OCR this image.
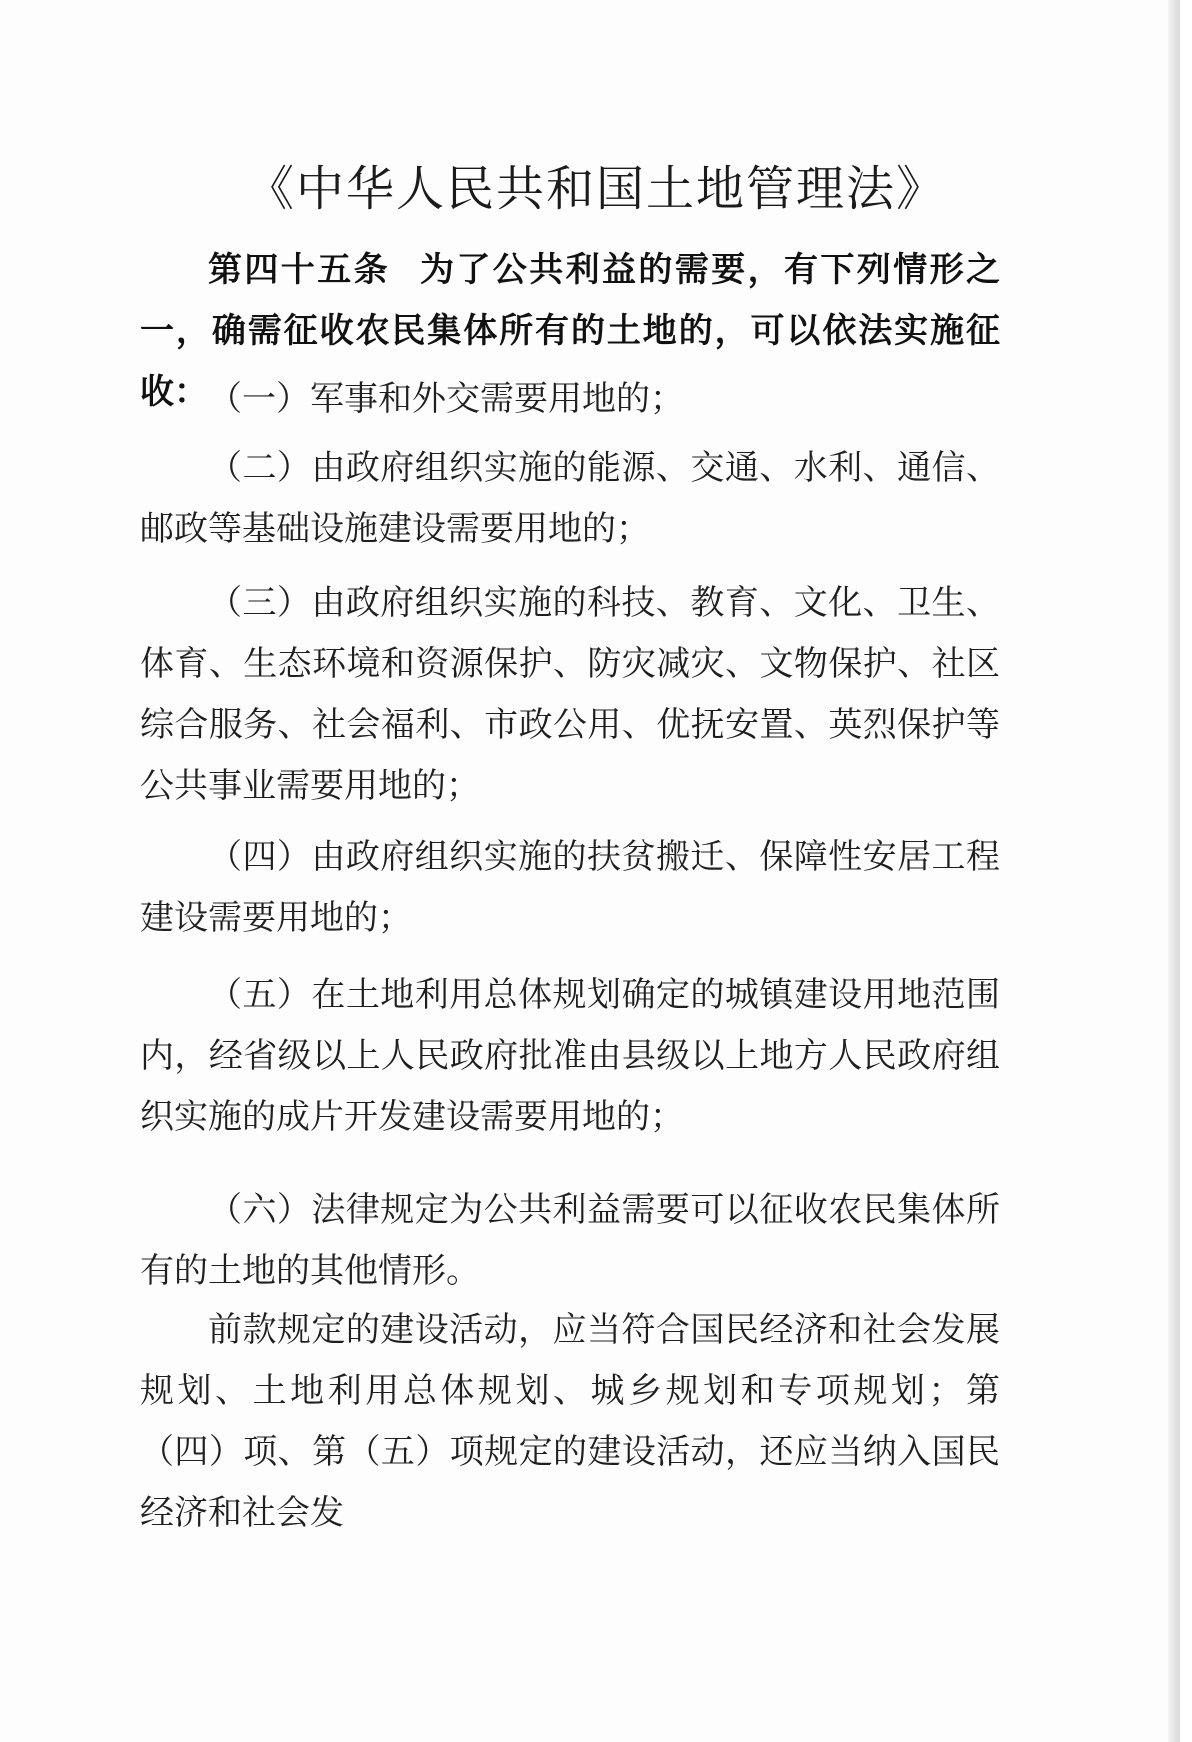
《中华人民共和国土地管理法》
第四十五条 为了公共利益的需要，有下列情形之一，确需征收农民集体所有的土地的，可以依法实施征收： （一）军事和外交需要用地的；
（二）由政府组织实施的能源、交通、水利、通信、邮政等基础设施建设需要用地的；
（三）由政府组织实施的科技、教育、文化、卫生、体育、生态环境和资源保护、防灾减灾、文物保护、社区综合服务、社会福利、市政公用、优抚安置、英烈保护等公共事业需要用地的；
（四）由政府组织实施的扶贫搬迁、保障性安居工程建设需要用地的；
（五）在土地利用总体规划确定的城镇建设用地范围内，经省级以上人民政府批准由县级以上地方人民政府组织实施的成片开发建设需要用地的；
（六）法律规定为公共利益需要可以征收农民集体所有的土地的其他情形。
前款规定的建设活动，应当符合国民经济和社会发展规划、土地利用总体规划、城乡规划和专项规划；第（四）项、第（五）项规定的建设活动，还应当纳入国民经济和社会发
